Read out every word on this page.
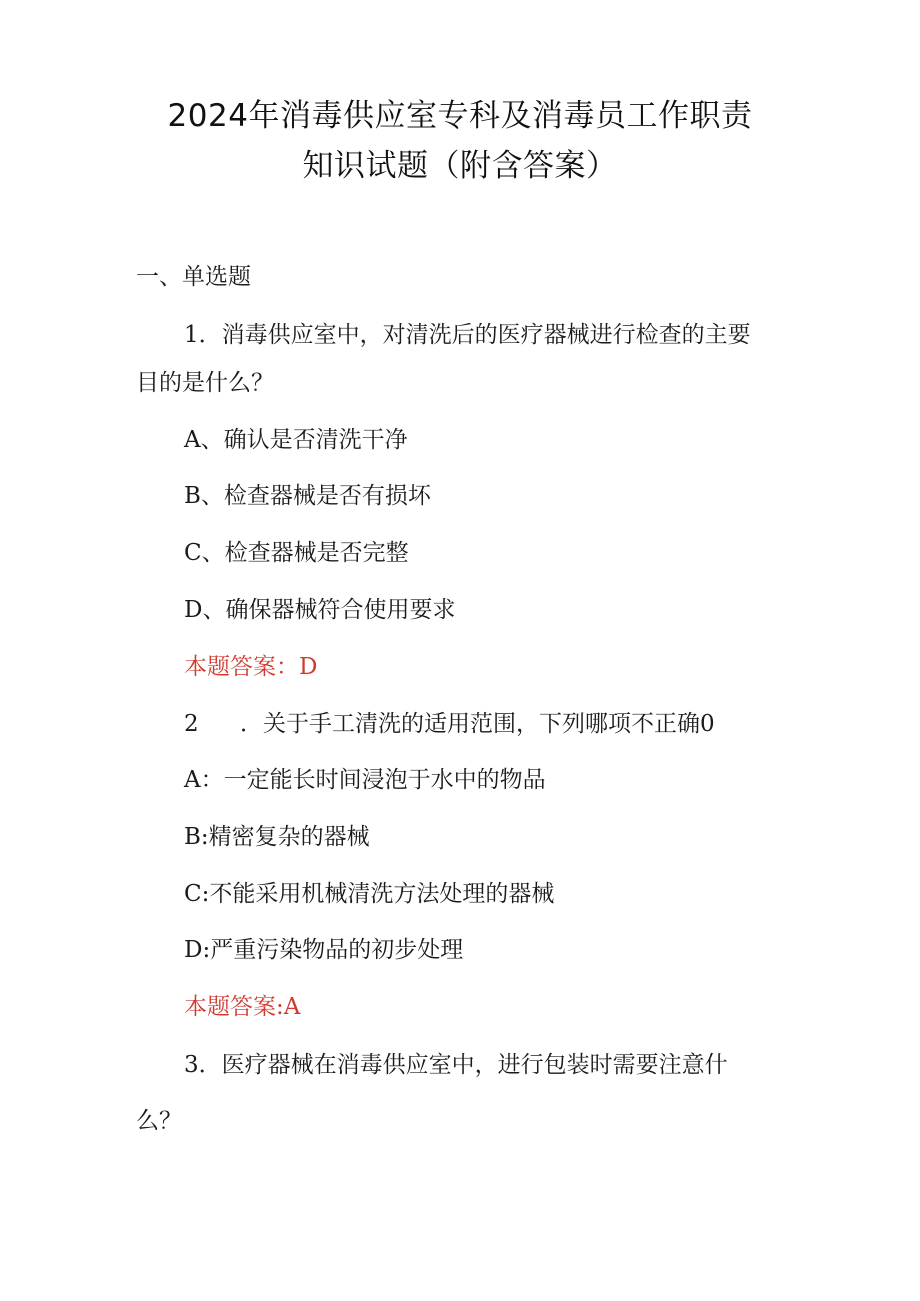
2024年消毒供应室专科及消毒员工作职责
知识试题（附含答案）
一、单选题
1．消毒供应室中，对清洗后的医疗器械进行检查的主要
目的是什么？
A、确认是否清洗干净
B、检查器械是否有损坏
C、检查器械是否完整
D、确保器械符合使用要求
本题答案：D
2 ．关于手工清洗的适用范围，下列哪项不正确0
A：一定能长时间浸泡于水中的物品
B:精密复杂的器械
C:不能采用机械清洗方法处理的器械
D:严重污染物品的初步处理
本题答案:A
3．医疗器械在消毒供应室中，进行包装时需要注意什
么？
